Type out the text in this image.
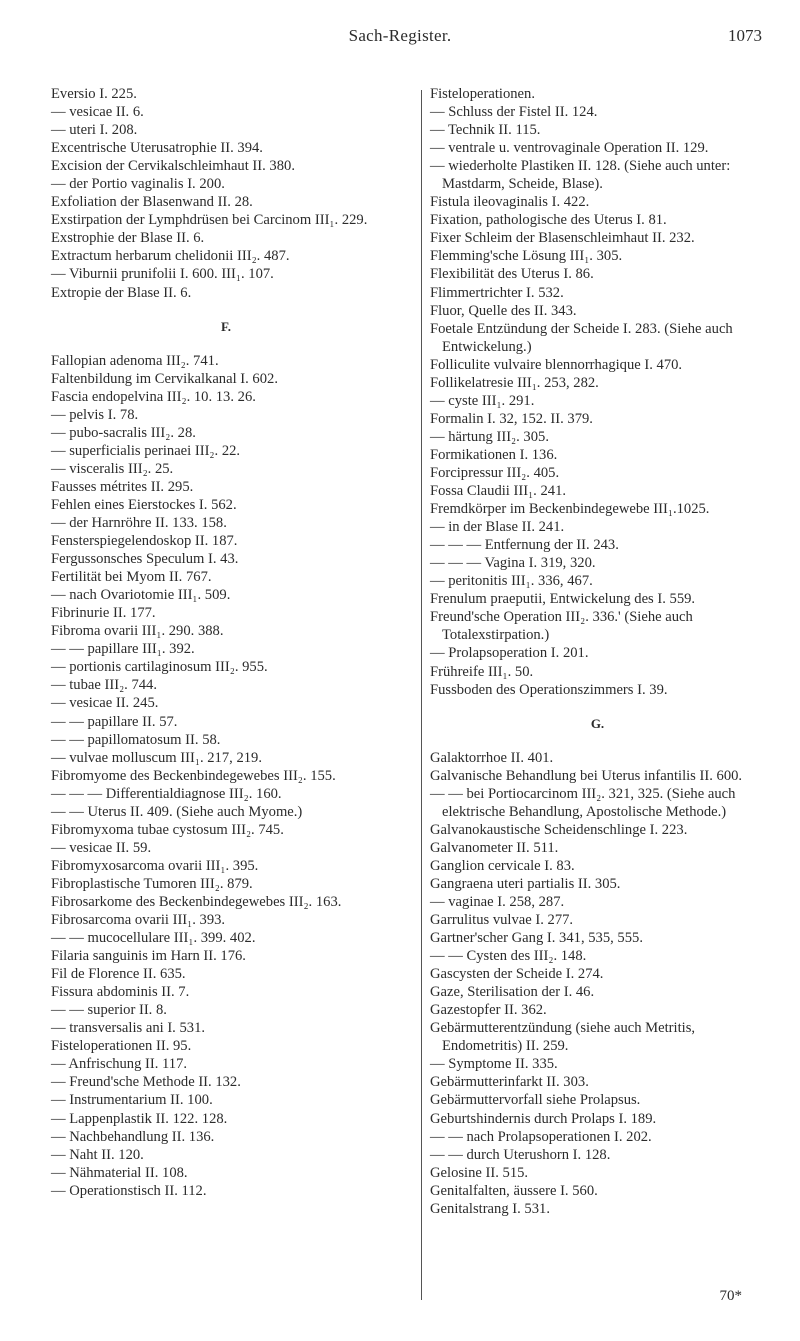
Sach-Register.	1073
Eversio I. 225.
— vesicae II. 6.
— uteri I. 208.
Excentrische Uterusatrophie II. 394.
Excision der Cervikalschleimhaut II. 380.
— der Portio vaginalis I. 200.
Exfoliation der Blasenwand II. 28.
Exstirpation der Lymphdrüsen bei Carcinom III₁. 229.
Exstrophie der Blase II. 6.
Extractum herbarum chelidonii III₂. 487.
— Viburnii prunifolii I. 600. III₁. 107.
Extropie der Blase II. 6.
F.
Fallopian adenoma III₂. 741.
Faltenbildung im Cervikalkanal I. 602.
Fascia endopelvina III₂. 10. 13. 26.
— pelvis I. 78.
— pubo-sacralis III₂. 28.
— superficialis perinaei III₂. 22.
— visceralis III₂. 25.
Fausses métrites II. 295.
Fehlen eines Eierstockes I. 562.
— der Harnröhre II. 133. 158.
Fensterspiegelendoskop II. 187.
Fergussonsches Speculum I. 43.
Fertilität bei Myom II. 767.
— nach Ovariotomie III₁. 509.
Fibrinurie II. 177.
Fibroma ovarii III₁. 290. 388.
— — papillare III₁. 392.
— portionis cartilaginosum III₂. 955.
— tubae III₂. 744.
— vesicae II. 245.
— — papillare II. 57.
— — papillomatosum II. 58.
— vulvae molluscum III₁. 217, 219.
Fibromyome des Beckenbindegewebes III₂. 155.
— — — Differentialdiagnose III₂. 160.
— — Uterus II. 409. (Siehe auch Myome.)
Fibromyxoma tubae cystosum III₂. 745.
— vesicae II. 59.
Fibromyxosarcoma ovarii III₁. 395.
Fibroplastische Tumoren III₂. 879.
Fibrosarkome des Beckenbindegewebes III₂. 163.
Fibrosarcoma ovarii III₁. 393.
— — mucocellulare III₁. 399. 402.
Filaria sanguinis im Harn II. 176.
Fil de Florence II. 635.
Fissura abdominis II. 7.
— — superior II. 8.
— transversalis ani I. 531.
Fisteloperationen II. 95.
— Anfrischung II. 117.
— Freund'sche Methode II. 132.
— Instrumentarium II. 100.
— Lappenplastik II. 122. 128.
— Nachbehandlung II. 136.
— Naht II. 120.
— Nähmaterial II. 108.
— Operationstisch II. 112.
Fisteloperationen.
— Schluss der Fistel II. 124.
— Technik II. 115.
— ventrale u. ventrovaginale Operation II. 129.
— wiederholte Plastiken II. 128. (Siehe auch unter: Mastdarm, Scheide, Blase).
Fistula ileovaginalis I. 422.
Fixation, pathologische des Uterus I. 81.
Fixer Schleim der Blasenschleimhaut II. 232.
Flemming'sche Lösung III₁. 305.
Flexibilität des Uterus I. 86.
Flimmertrichter I. 532.
Fluor, Quelle des II. 343.
Foetale Entzündung der Scheide I. 283. (Siehe auch Entwickelung.)
Folliculite vulvaire blennorrhagique I. 470.
Follikelatresie III₁. 253, 282.
— cyste III₁. 291.
Formalin I. 32, 152. II. 379.
— härtung III₂. 305.
Formikationen I. 136.
Forcipressur III₂. 405.
Fossa Claudii III₁. 241.
Fremdkörper im Beckenbindegewebe III₁.1025.
— in der Blase II. 241.
— — — Entfernung der II. 243.
— — — Vagina I. 319, 320.
— peritonitis III₁. 336, 467.
Frenulum praeputii, Entwickelung des I. 559.
Freund'sche Operation III₂. 336.' (Siehe auch Totalexstirpation.)
— Prolapsoperation I. 201.
Frühreife III₁. 50.
Fussboden des Operationszimmers I. 39.
G.
Galaktorrhoe II. 401.
Galvanische Behandlung bei Uterus infantilis II. 600.
— — bei Portiocarcinom III₂. 321, 325. (Siehe auch elektrische Behandlung, Apostolische Methode.)
Galvanokaustische Scheidenschlinge I. 223.
Galvanometer II. 511.
Ganglion cervicale I. 83.
Gangraena uteri partialis II. 305.
— vaginae I. 258, 287.
Garrulitus vulvae I. 277.
Gartner'scher Gang I. 341, 535, 555.
— — Cysten des III₂. 148.
Gascysten der Scheide I. 274.
Gaze, Sterilisation der I. 46.
Gazestopfer II. 362.
Gebärmutterentzündung (siehe auch Metritis, Endometritis) II. 259.
— Symptome II. 335.
Gebärmutterinfarkt II. 303.
Gebärmuttervorfall siehe Prolapsus.
Geburtshindernis durch Prolaps I. 189.
— — nach Prolapsoperationen I. 202.
— — durch Uterushorn I. 128.
Gelosine II. 515.
Genitalfalten, äussere I. 560.
Genitalstrang I. 531.
70*
